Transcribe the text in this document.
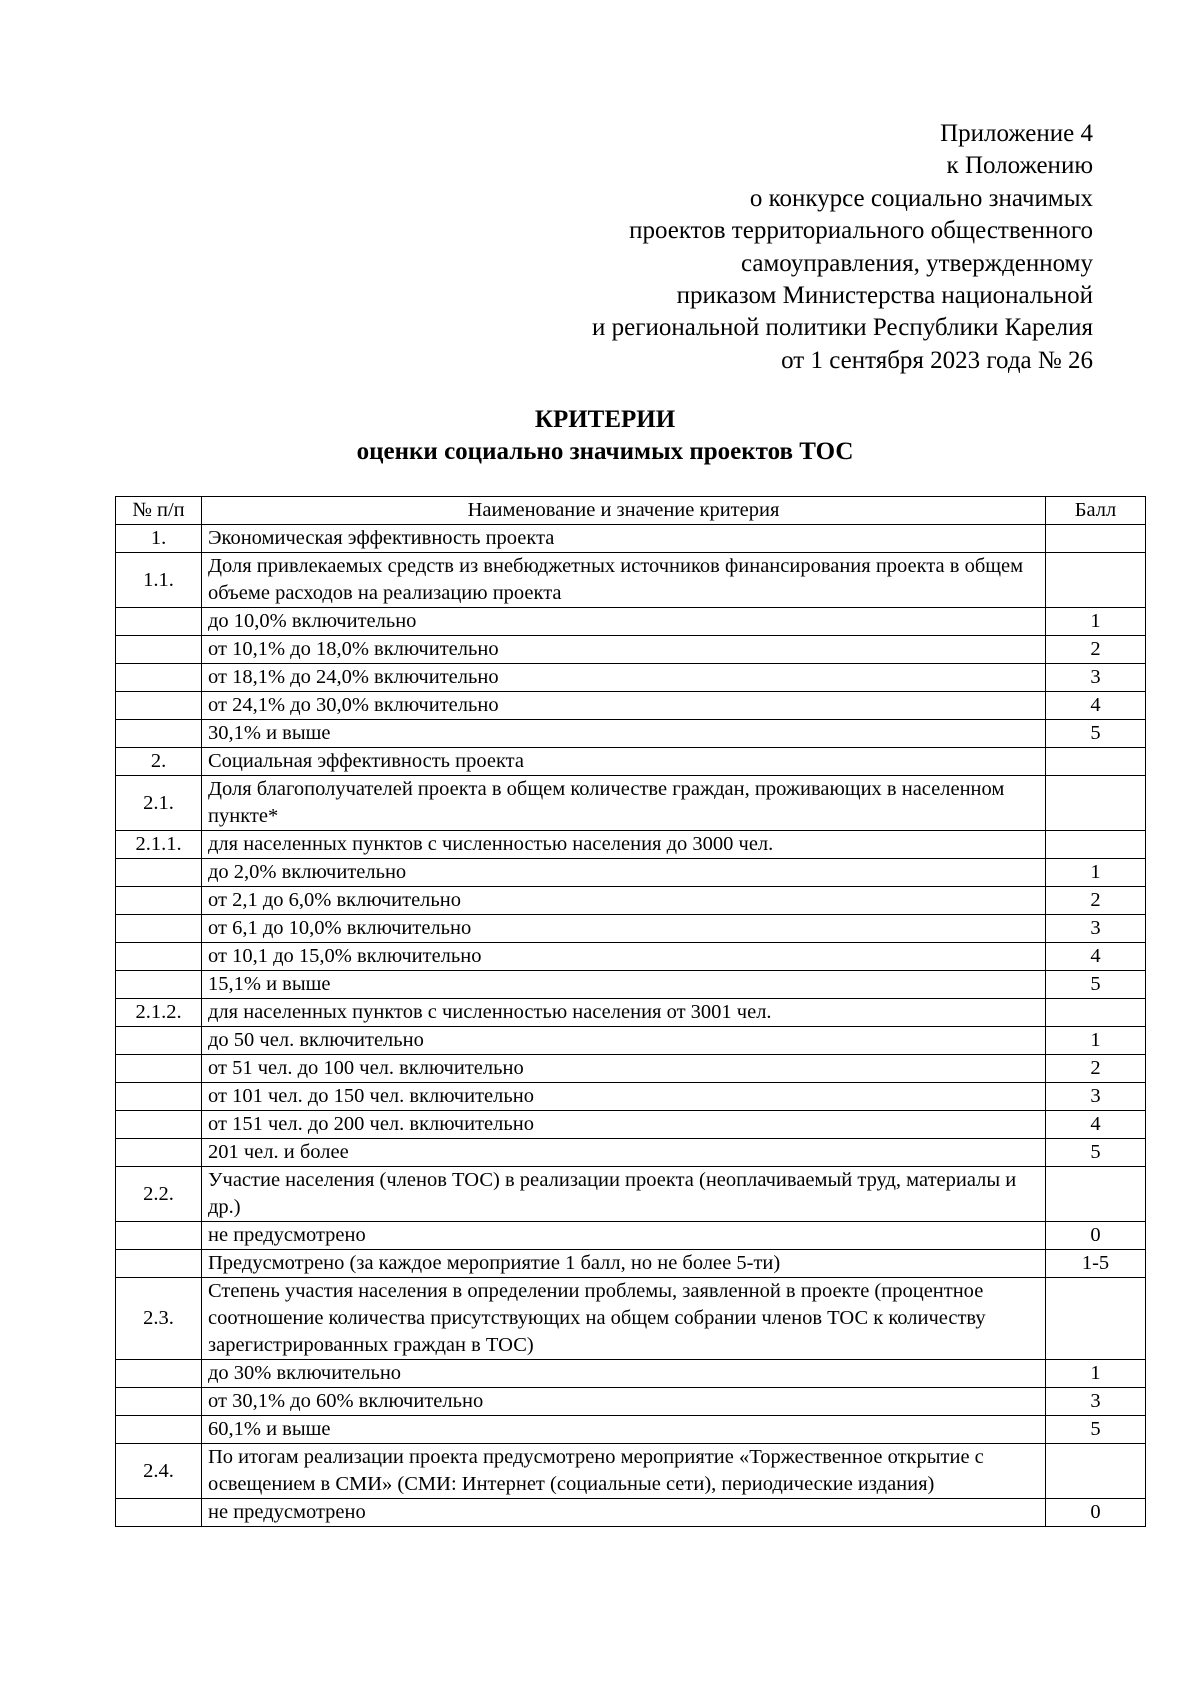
Приложение 4
к Положению
о конкурсе социально значимых
проектов территориального общественного
самоуправления, утвержденному
приказом Министерства национальной
и региональной политики Республики Карелия
от 1 сентября 2023 года № 26
КРИТЕРИИ
оценки социально значимых проектов ТОС
№ п/п	Наименование и значение критерия	Балл
1.	Экономическая эффективность проекта	
1.1.	Доля привлекаемых средств из внебюджетных источников финансирования проекта в общем объеме расходов на реализацию проекта	
	до 10,0% включительно	1
	от 10,1% до 18,0% включительно	2
	от 18,1% до 24,0% включительно	3
	от 24,1% до 30,0% включительно	4
	30,1% и выше	5
2.	Социальная эффективность проекта	
2.1.	Доля благополучателей проекта в общем количестве граждан, проживающих в населенном пункте*	
2.1.1.	для населенных пунктов с численностью населения до 3000 чел.	
	до 2,0% включительно	1
	от 2,1 до 6,0% включительно	2
	от 6,1 до 10,0% включительно	3
	от 10,1 до 15,0% включительно	4
	15,1% и выше	5
2.1.2.	для населенных пунктов с численностью населения от 3001 чел.	
	до 50 чел. включительно	1
	от 51 чел. до 100 чел. включительно	2
	от 101 чел. до 150 чел. включительно	3
	от 151 чел. до 200 чел. включительно	4
	201 чел. и более	5
2.2.	Участие населения (членов ТОС) в реализации проекта (неоплачиваемый труд, материалы и др.)	
	не предусмотрено	0
	Предусмотрено (за каждое мероприятие 1 балл, но не более 5-ти)	1-5
2.3.	Степень участия населения в определении проблемы, заявленной в проекте (процентное соотношение количества присутствующих на общем собрании членов ТОС к количеству зарегистрированных граждан в ТОС)	
	до 30% включительно	1
	от 30,1% до 60% включительно	3
	60,1% и выше	5
2.4.	По итогам реализации проекта предусмотрено мероприятие «Торжественное открытие с освещением в СМИ» (СМИ: Интернет (социальные сети), периодические издания)	
	не предусмотрено	0
